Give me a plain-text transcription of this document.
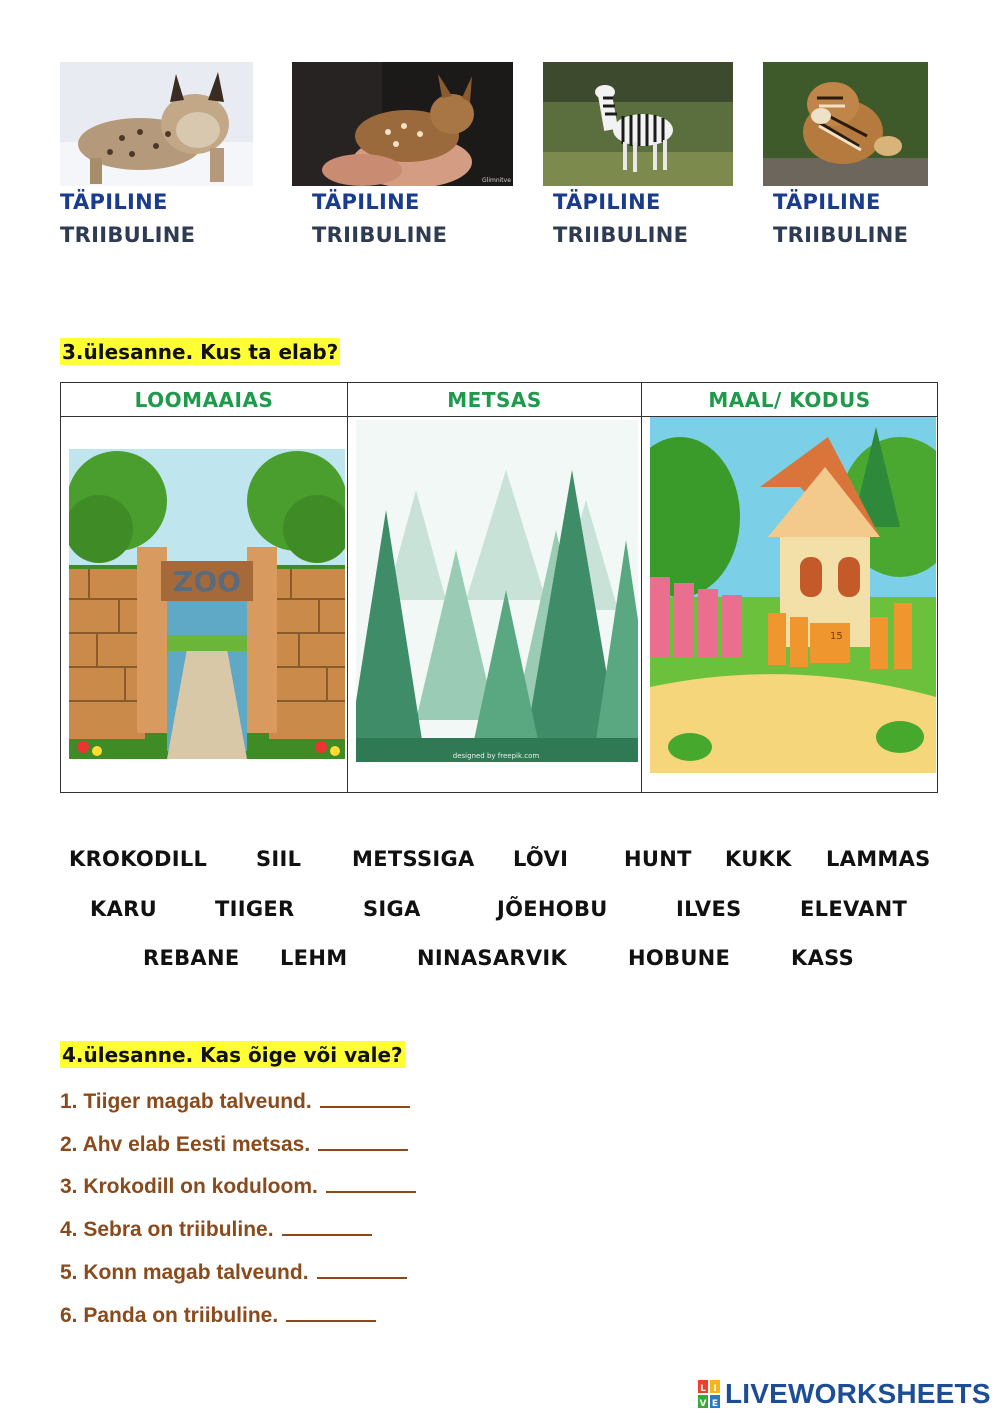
TÄPILINE
TRIIBULINE
Glimnitve
TÄPILINE
TRIIBULINE
TÄPILINE
TRIIBULINE
TÄPILINE
TRIIBULINE
3.ülesanne. Kus ta elab?
LOOMAAIAS
ZOO
METSAS
designed by freepik.com
MAAL/ KODUS
15
KROKODILL SIIL METSSIGA LÕVI	HUNT KUKK LAMMAS
KARU	TIIGER	SIGA	JÕEHOBU	ILVES	ELEVANT
REBANE LEHM	NINASARVIK	HOBUNE	KASS
4.ülesanne. Kas õige või vale?
1. Tiiger magab talveund.
2. Ahv elab Eesti metsas.
3. Krokodill on koduloom.
4. Sebra on triibuline.
5. Konn magab talveund.
6. Panda on triibuline.
L I
V E LIVEWORKSHEETS
